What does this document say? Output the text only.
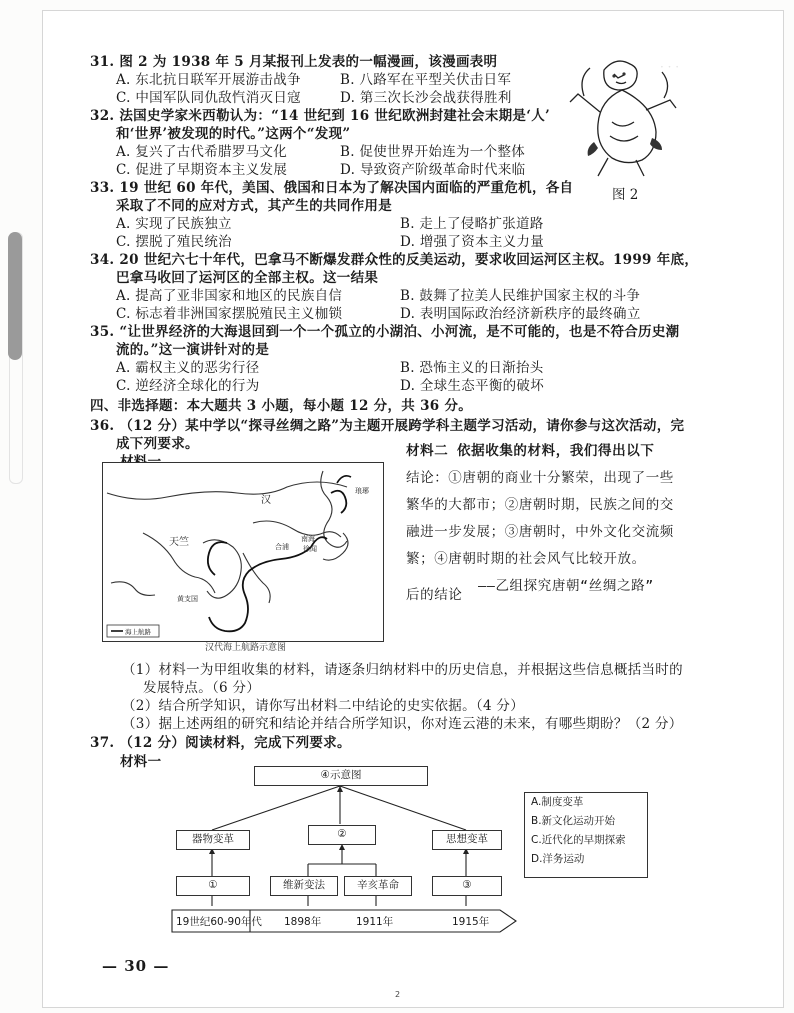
· · ·
31. 图 2 为 1938 年 5 月某报刊上发表的一幅漫画，该漫画表明
A. 东北抗日联军开展游击战争	B. 八路军在平型关伏击日军
C. 中国军队同仇敌忾消灭日寇	D. 第三次长沙会战获得胜利
32. 法国史学家米西勒认为：“14 世纪到 16 世纪欧洲封建社会末期是‘人’
和‘世界’被发现的时代。”这两个“发现”
A. 复兴了古代希腊罗马文化	B. 促使世界开始连为一个整体
C. 促进了早期资本主义发展	D. 导致资产阶级革命时代来临
图 2
33. 19 世纪 60 年代，美国、俄国和日本为了解决国内面临的严重危机，各自
采取了不同的应对方式，其产生的共同作用是
A. 实现了民族独立	B. 走上了侵略扩张道路
C. 摆脱了殖民统治	D. 增强了资本主义力量
34. 20 世纪六七十年代，巴拿马不断爆发群众性的反美运动，要求收回运河区主权。1999 年底，
巴拿马收回了运河区的全部主权。这一结果
A. 提高了亚非国家和地区的民族自信	B. 鼓舞了拉美人民维护国家主权的斗争
C. 标志着非洲国家摆脱殖民主义枷锁	D. 表明国际政治经济新秩序的最终确立
35. “让世界经济的大海退回到一个一个孤立的小湖泊、小河流，是不可能的，也是不符合历史潮
流的。”这一演讲针对的是
A. 霸权主义的恶劣行径	B. 恐怖主义的日渐抬头
C. 逆经济全球化的行为	D. 全球生态平衡的破坏
四、非选择题：本大题共 3 小题，每小题 12 分，共 36 分。
36. （12 分）某中学以“探寻丝绸之路”为主题开展跨学科主题学习活动，请你参与这次活动，完
成下列要求。
汉
天竺
琅琊
南海
徐闻
合浦
黄支国
海上航路
汉代海上航路示意图
材料二 依据收集的材料，我们得出以下
结论：①唐朝的商业十分繁荣，出现了一些
繁华的大都市；②唐朝时期，民族之间的交
融进一步发展；③唐朝时，中外文化交流频
繁；④唐朝时期的社会风气比较开放。
——乙组探究唐朝“丝绸之路”
后的结论
（1）材料一为甲组收集的材料，请逐条归纳材料中的历史信息，并根据这些信息概括当时的
发展特点。（6 分）
（2）结合所学知识，请你写出材料二中结论的史实依据。（4 分）
（3）据上述两组的研究和结论并结合所学知识，你对连云港的未来，有哪些期盼？（2 分）
37. （12 分）阅读材料，完成下列要求。
材料一
④示意图
器物变革	②	思想变革
①	维新变法	辛亥革命	③
19世纪60-90年代 1898年	1911年	1915年
A.制度变革
B.新文化运动开始
C.近代化的早期探索
D.洋务运动
— 30 —
2
